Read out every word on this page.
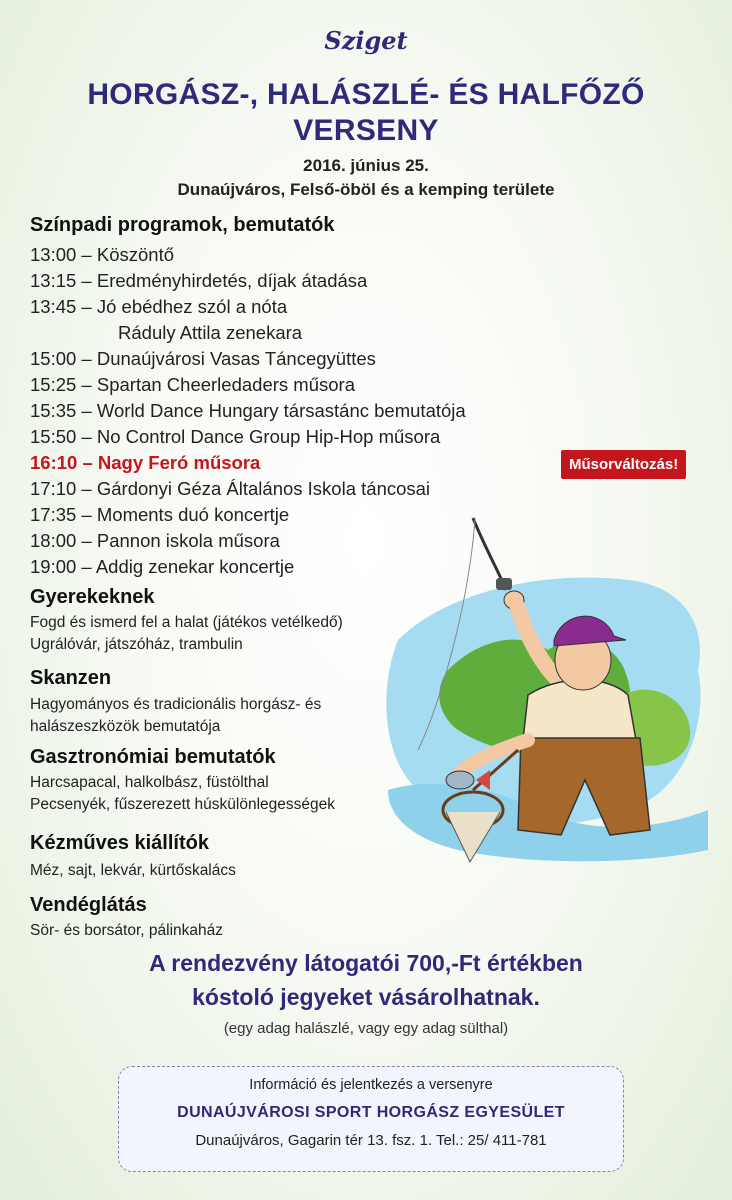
Sziget
HORGÁSZ-, HALÁSZLÉ- ÉS HALFŐZŐ
VERSENY
2016. június 25.
Dunaújváros, Felső-öböl és a kemping területe
Színpadi programok, bemutatók
13:00 – Köszöntő
13:15 – Eredményhirdetés, díjak átadása
13:45 – Jó ebédhez szól a nóta
Ráduly Attila zenekara
15:00 – Dunaújvárosi Vasas Táncegyüttes
15:25 – Spartan Cheerledaders műsora
15:35 – World Dance Hungary társastánc bemutatója
15:50 – No Control Dance Group Hip-Hop műsora
16:10 – Nagy Feró műsora
17:10 – Gárdonyi Géza Általános Iskola táncosai
17:35 – Moments duó koncertje
18:00 – Pannon iskola műsora
19:00 – Addig zenekar koncertje
Műsorváltozás!
Gyerekeknek
Fogd és ismerd fel a halat (játékos vetélkedő)
Ugrálóvár, játszóház, trambulin
Skanzen
Hagyományos és tradicionális horgász- és
halászeszközök bemutatója
Gasztronómiai bemutatók
Harcsapacal, halkolbász, füstölthal
Pecsenyék, fűszerezett húskülönlegességek
Kézműves kiállítók
Méz, sajt, lekvár, kürtőskalács
Vendéglátás
Sör- és borsátor, pálinkaház
A rendezvény látogatói 700,-Ft értékben
kóstoló jegyeket vásárolhatnak.
(egy adag halászlé, vagy egy adag sülthal)
Információ és jelentkezés a versenyre
DUNAÚJVÁROSI SPORT HORGÁSZ EGYESÜLET
Dunaújváros, Gagarin tér 13. fsz. 1. Tel.: 25/ 411-781
